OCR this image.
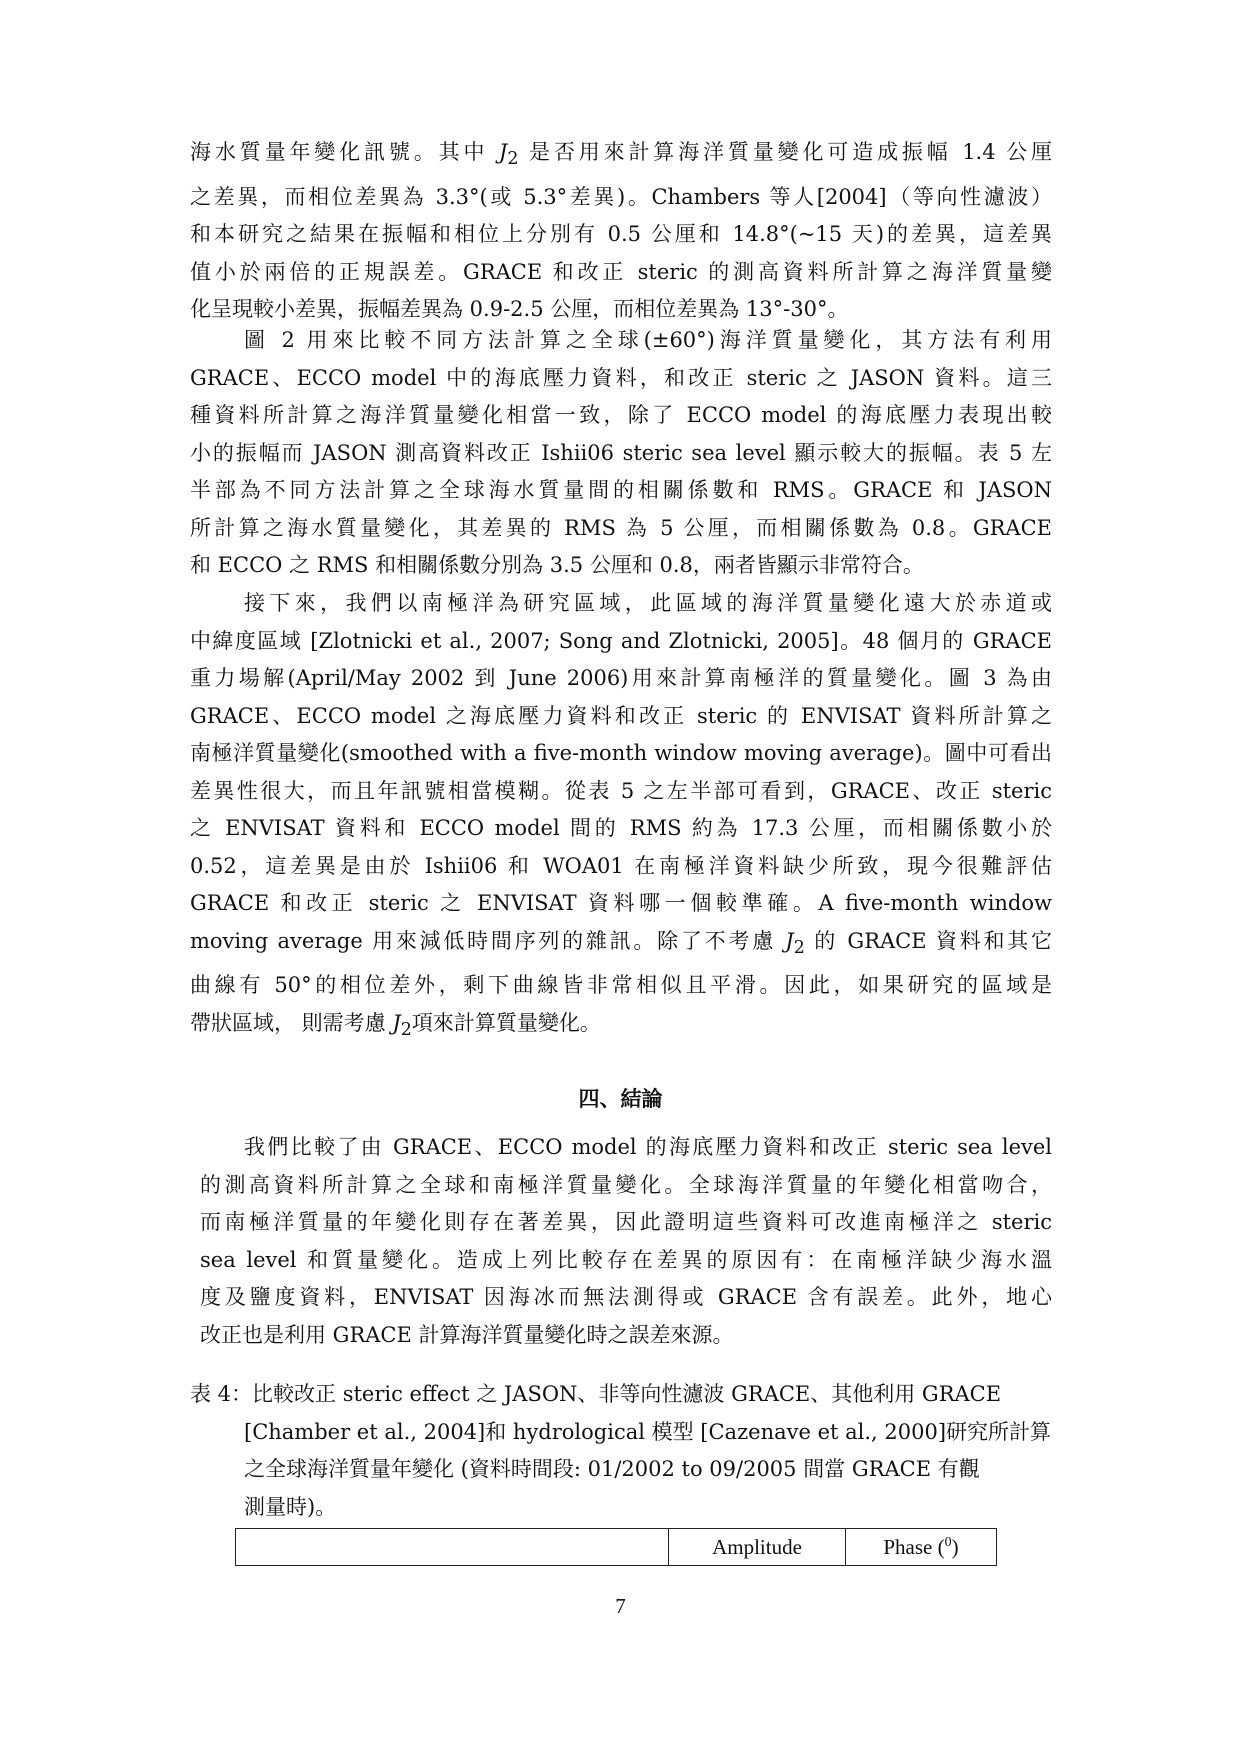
海水質量年變化訊號。其中 $J_2$ 是否用來計算海洋質量變化可造成振幅 1.4 公厘
之差異，而相位差異為 3.3°(或 5.3°差異)。Chambers 等人[2004]（等向性濾波）
和本研究之結果在振幅和相位上分別有 0.5 公厘和 14.8°(~15 天)的差異，這差異
值小於兩倍的正規誤差。GRACE 和改正 steric 的測高資料所計算之海洋質量變
化呈現較小差異，振幅差異為 0.9-2.5 公厘，而相位差異為 13°-30°。
圖 2 用來比較不同方法計算之全球(±60°)海洋質量變化，其方法有利用
GRACE、ECCO model 中的海底壓力資料，和改正 steric 之 JASON 資料。這三
種資料所計算之海洋質量變化相當一致，除了 ECCO model 的海底壓力表現出較
小的振幅而 JASON 測高資料改正 Ishii06 steric sea level 顯示較大的振幅。表 5 左
半部為不同方法計算之全球海水質量間的相關係數和 RMS。GRACE 和 JASON
所計算之海水質量變化，其差異的 RMS 為 5 公厘，而相關係數為 0.8。GRACE
和 ECCO 之 RMS 和相關係數分別為 3.5 公厘和 0.8，兩者皆顯示非常符合。
接下來，我們以南極洋為研究區域，此區域的海洋質量變化遠大於赤道或
中緯度區域 [Zlotnicki et al., 2007; Song and Zlotnicki, 2005]。48 個月的 GRACE
重力場解(April/May 2002 到 June 2006)用來計算南極洋的質量變化。圖 3 為由
GRACE、ECCO model 之海底壓力資料和改正 steric 的 ENVISAT 資料所計算之
南極洋質量變化(smoothed with a five-month window moving average)。圖中可看出
差異性很大，而且年訊號相當模糊。從表 5 之左半部可看到，GRACE、改正 steric
之 ENVISAT 資料和 ECCO model 間的 RMS 約為 17.3 公厘，而相關係數小於
0.52，這差異是由於 Ishii06 和 WOA01 在南極洋資料缺少所致，現今很難評估
GRACE 和改正 steric 之 ENVISAT 資料哪一個較準確。A five-month window
moving average 用來減低時間序列的雜訊。除了不考慮 $J_2$ 的 GRACE 資料和其它
曲線有 50°的相位差外，剩下曲線皆非常相似且平滑。因此，如果研究的區域是
帶狀區域， 則需考慮 $J_2$項來計算質量變化。
四、結論
我們比較了由 GRACE、ECCO model 的海底壓力資料和改正 steric sea level
的測高資料所計算之全球和南極洋質量變化。全球海洋質量的年變化相當吻合，
而南極洋質量的年變化則存在著差異，因此證明這些資料可改進南極洋之 steric
sea level 和質量變化。造成上列比較存在差異的原因有：在南極洋缺少海水溫
度及鹽度資料，ENVISAT 因海冰而無法測得或 GRACE 含有誤差。此外，地心
改正也是利用 GRACE 計算海洋質量變化時之誤差來源。
表 4：比較改正 steric effect 之 JASON、非等向性濾波 GRACE、其他利用 GRACE
[Chamber et al., 2004]和 hydrological 模型 [Cazenave et al., 2000]研究所計算
之全球海洋質量年變化 (資料時間段: 01/2002 to 09/2005 間當 GRACE 有觀
測量時)。
	Amplitude	Phase ($^0$)
7
